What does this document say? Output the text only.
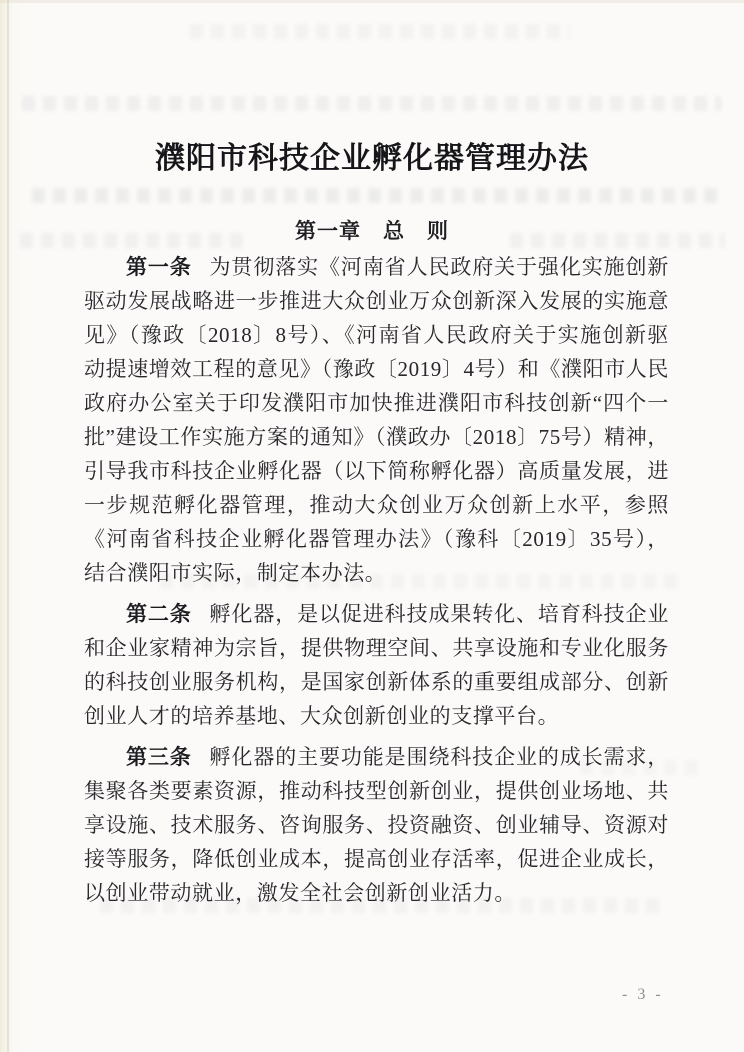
濮阳市科技企业孵化器管理办法
第一章　总　则

第一条 为贯彻落实《河南省人民政府关于强化实施创新驱动发展战略进一步推进大众创业万众创新深入发展的实施意见》（豫政〔2018〕8号）、《河南省人民政府关于实施创新驱动提速增效工程的意见》（豫政〔2019〕4号）和《濮阳市人民政府办公室关于印发濮阳市加快推进濮阳市科技创新“四个一批”建设工作实施方案的通知》（濮政办〔2018〕75号）精神，引导我市科技企业孵化器（以下简称孵化器）高质量发展，进一步规范孵化器管理，推动大众创业万众创新上水平，参照《河南省科技企业孵化器管理办法》（豫科〔2019〕35号），结合濮阳市实际，制定本办法。

第二条 孵化器，是以促进科技成果转化、培育科技企业和企业家精神为宗旨，提供物理空间、共享设施和专业化服务的科技创业服务机构，是国家创新体系的重要组成部分、创新创业人才的培养基地、大众创新创业的支撑平台。

第三条 孵化器的主要功能是围绕科技企业的成长需求，集聚各类要素资源，推动科技型创新创业，提供创业场地、共享设施、技术服务、咨询服务、投资融资、创业辅导、资源对接等服务，降低创业成本，提高创业存活率，促进企业成长，以创业带动就业，激发全社会创新创业活力。

- 3 -
